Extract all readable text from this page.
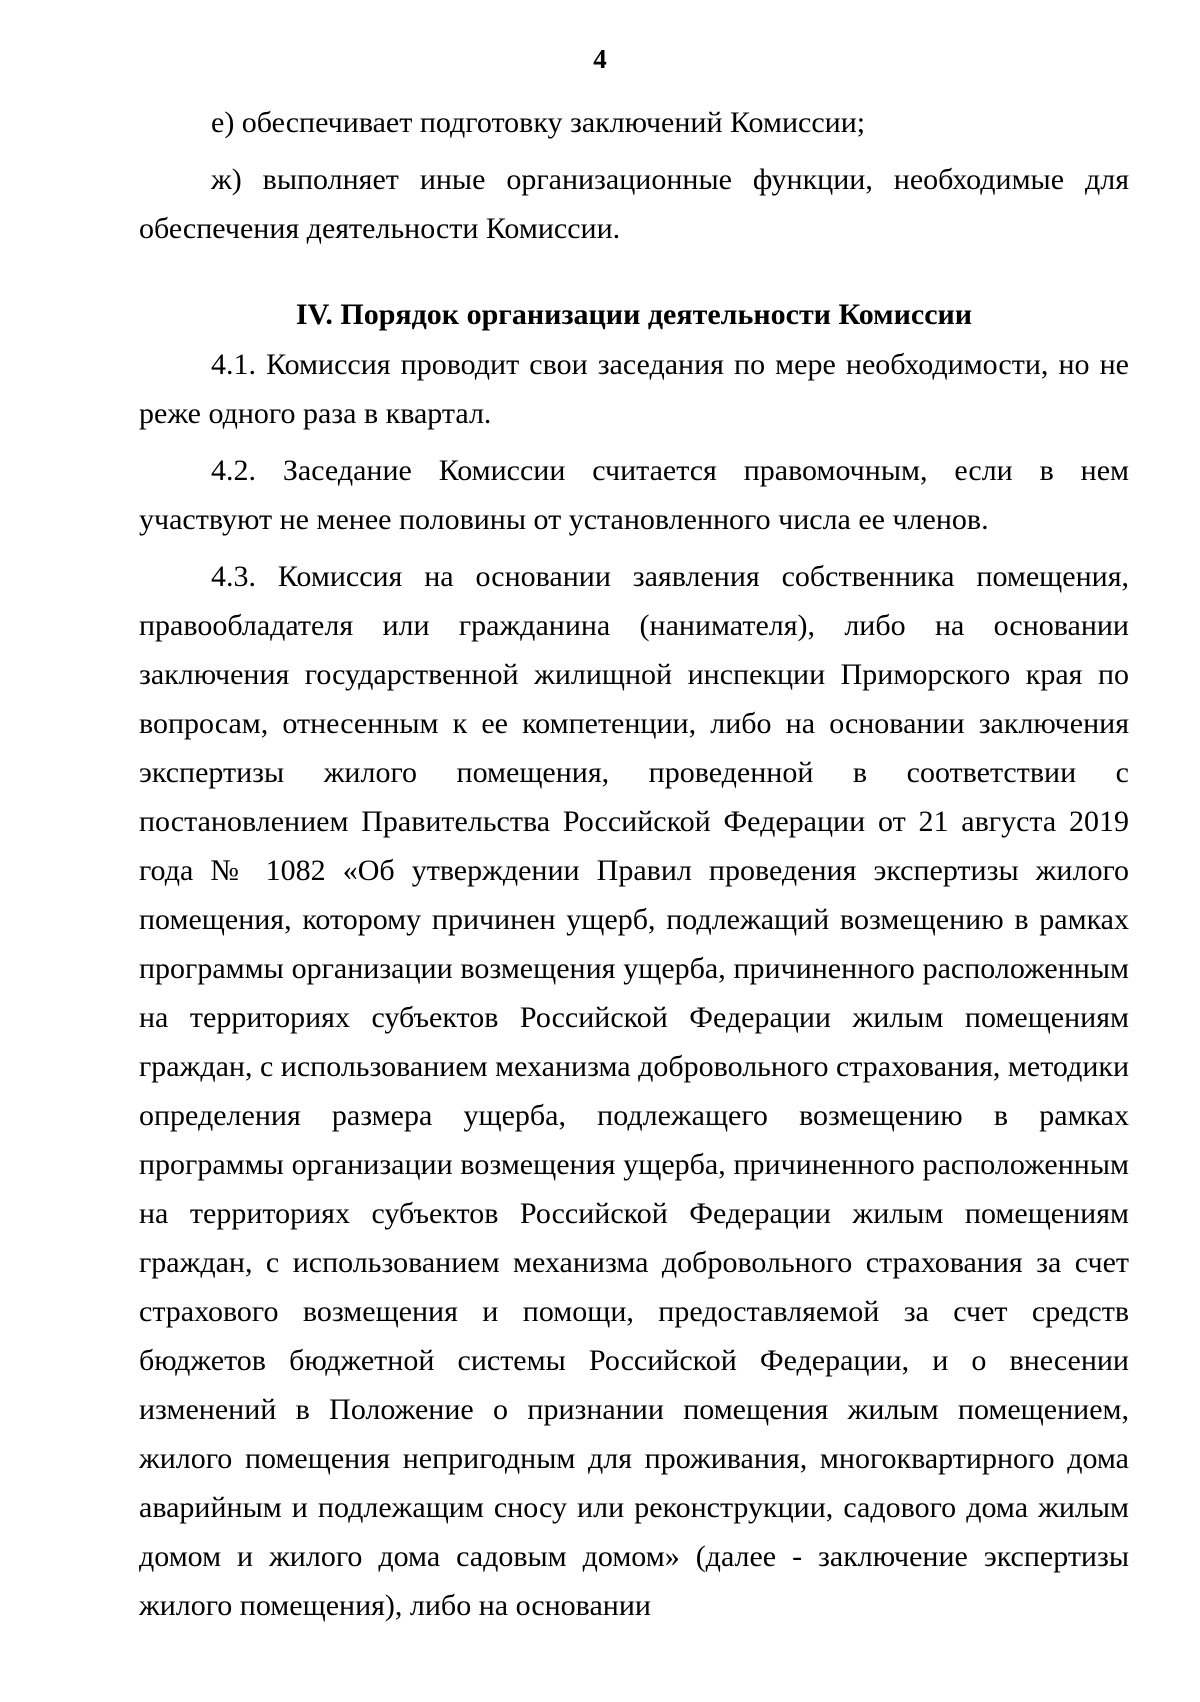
4

е) обеспечивает подготовку заключений Комиссии;

ж) выполняет иные организационные функции, необходимые для обеспечения деятельности Комиссии.

IV. Порядок организации деятельности Комиссии

4.1. Комиссия проводит свои заседания по мере необходимости, но не реже одного раза в квартал.

4.2. Заседание Комиссии считается правомочным, если в нем участвуют не менее половины от установленного числа ее членов.

4.3. Комиссия на основании заявления собственника помещения, правообладателя или гражданина (нанимателя), либо на основании заключения государственной жилищной инспекции Приморского края по вопросам, отнесенным к ее компетенции, либо на основании заключения экспертизы жилого помещения, проведенной в соответствии с постановлением Правительства Российской Федерации от 21 августа 2019 года № 1082 «Об утверждении Правил проведения экспертизы жилого помещения, которому причинен ущерб, подлежащий возмещению в рамках программы организации возмещения ущерба, причиненного расположенным на территориях субъектов Российской Федерации жилым помещениям граждан, с использованием механизма добровольного страхования, методики определения размера ущерба, подлежащего возмещению в рамках программы организации возмещения ущерба, причиненного расположенным на территориях субъектов Российской Федерации жилым помещениям граждан, с использованием механизма добровольного страхования за счет страхового возмещения и помощи, предоставляемой за счет средств бюджетов бюджетной системы Российской Федерации, и о внесении изменений в Положение о признании помещения жилым помещением, жилого помещения непригодным для проживания, многоквартирного дома аварийным и подлежащим сносу или реконструкции, садового дома жилым домом и жилого дома садовым домом» (далее - заключение экспертизы жилого помещения), либо на основании
